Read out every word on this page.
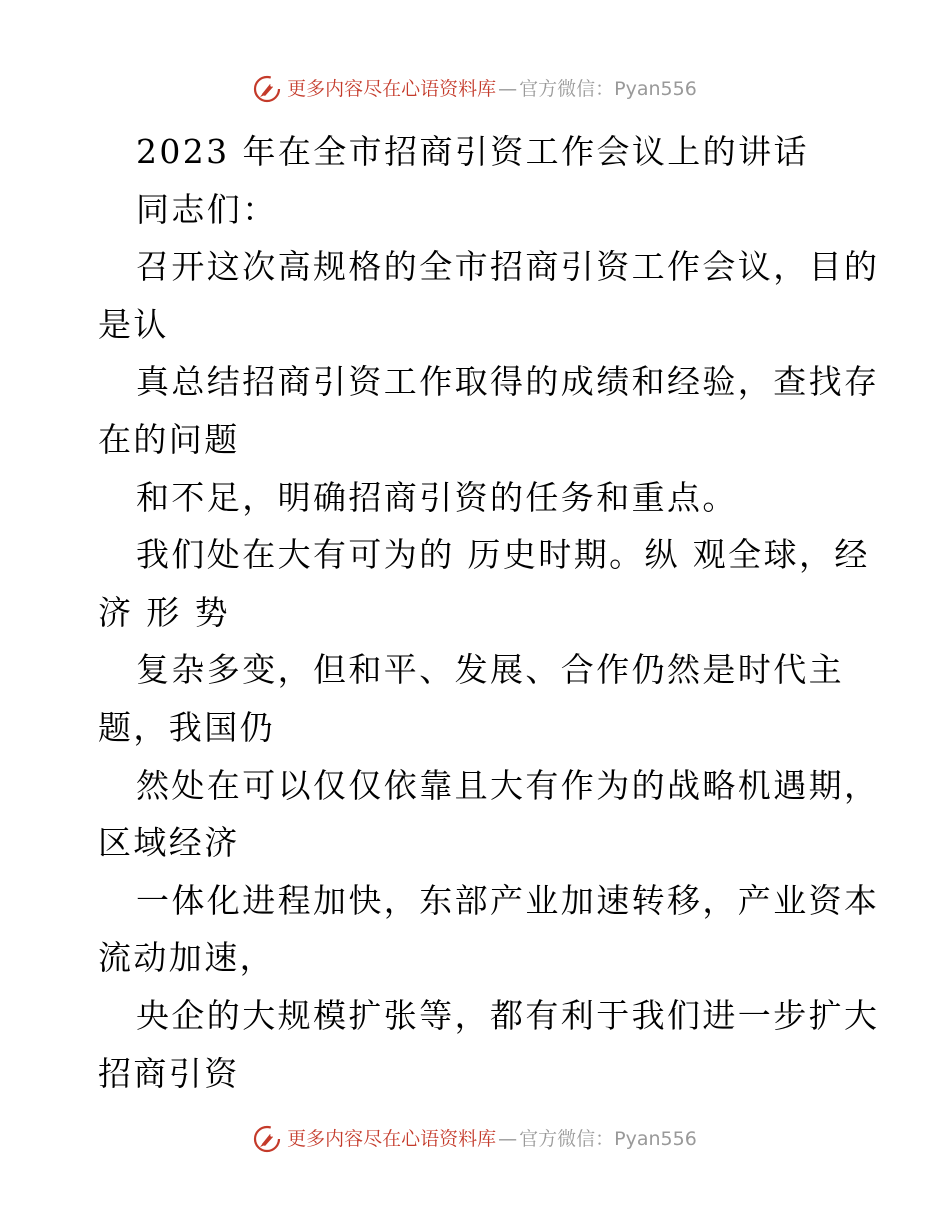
更多内容尽在心语资料库 — 官方微信：Pyan556
2023 年在全市招商引资工作会议上的讲话
同志们：
召开这次高规格的全市招商引资工作会议，目的
是认
真总结招商引资工作取得的成绩和经验，查找存
在的问题
和不足，明确招商引资的任务和重点。
我们处在大有可为的 历史时期。纵 观全球，经
济 形 势
复杂多变，但和平、发展、合作仍然是时代主
题，我国仍
然处在可以仅仅依靠且大有作为的战略机遇期，
区域经济
一体化进程加快，东部产业加速转移，产业资本
流动加速，
央企的大规模扩张等，都有利于我们进一步扩大
招商引资
更多内容尽在心语资料库 — 官方微信：Pyan556
